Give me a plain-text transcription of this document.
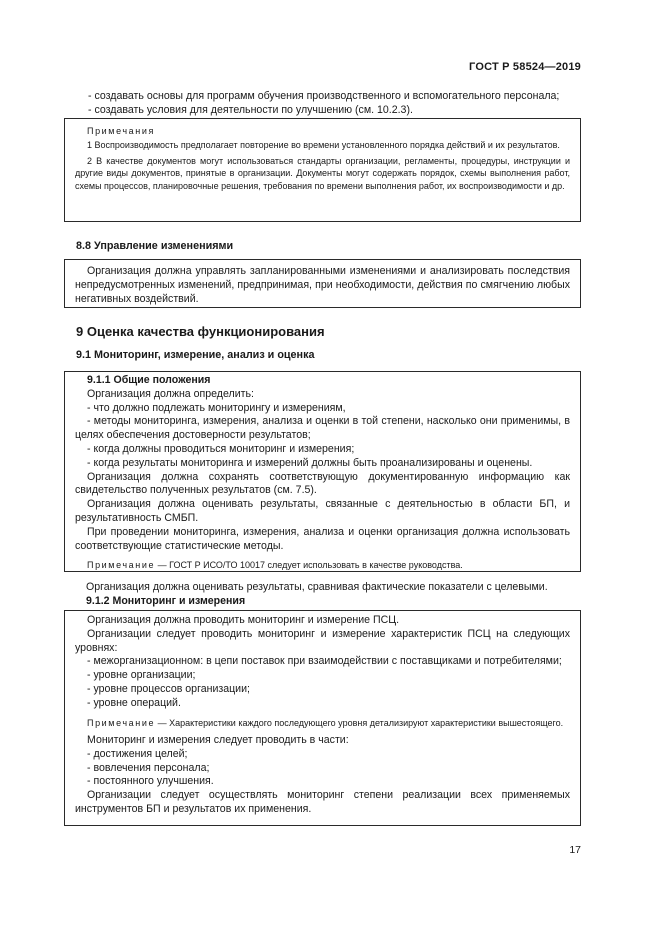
ГОСТ Р 58524—2019

- создавать основы для программ обучения производственного и вспомогательного персонала;

- создавать условия для деятельности по улучшению (см. 10.2.3).

Примечания

1 Воспроизводимость предполагает повторение во времени установленного порядка действий и их результатов.

2 В качестве документов могут использоваться стандарты организации, регламенты, процедуры, инструкции и другие виды документов, принятые в организации. Документы могут содержать порядок, схемы выполнения работ, схемы процессов, планировочные решения, требования по времени выполнения работ, их воспроизводимости и др.

8.8 Управление изменениями

Организация должна управлять запланированными изменениями и анализировать последствия непредусмотренных изменений, предпринимая, при необходимости, действия по смягчению любых негативных воздействий.

9 Оценка качества функционирования
9.1 Мониторинг, измерение, анализ и оценка

9.1.1 Общие положения

Организация должна определить:

- что должно подлежать мониторингу и измерениям,

- методы мониторинга, измерения, анализа и оценки в той степени, насколько они применимы, в целях обеспечения достоверности результатов;

- когда должны проводиться мониторинг и измерения;

- когда результаты мониторинга и измерений должны быть проанализированы и оценены.

Организация должна сохранять соответствующую документированную информацию как свидетельство полученных результатов (см. 7.5).

Организация должна оценивать результаты, связанные с деятельностью в области БП, и результативность СМБП.

При проведении мониторинга, измерения, анализа и оценки организация должна использовать соответствующие статистические методы.

Примечание — ГОСТ Р ИСО/ТО 10017 следует использовать в качестве руководства.

Организация должна оценивать результаты, сравнивая фактические показатели с целевыми.

9.1.2 Мониторинг и измерения

Организация должна проводить мониторинг и измерение ПСЦ.

Организации следует проводить мониторинг и измерение характеристик ПСЦ на следующих уровнях:

- межорганизационном: в цепи поставок при взаимодействии с поставщиками и потребителями;

- уровне организации;

- уровне процессов организации;

- уровне операций.

Примечание — Характеристики каждого последующего уровня детализируют характеристики вышестоящего.

Мониторинг и измерения следует проводить в части:

- достижения целей;

- вовлечения персонала;

- постоянного улучшения.

Организации следует осуществлять мониторинг степени реализации всех применяемых инструментов БП и результатов их применения.

17
